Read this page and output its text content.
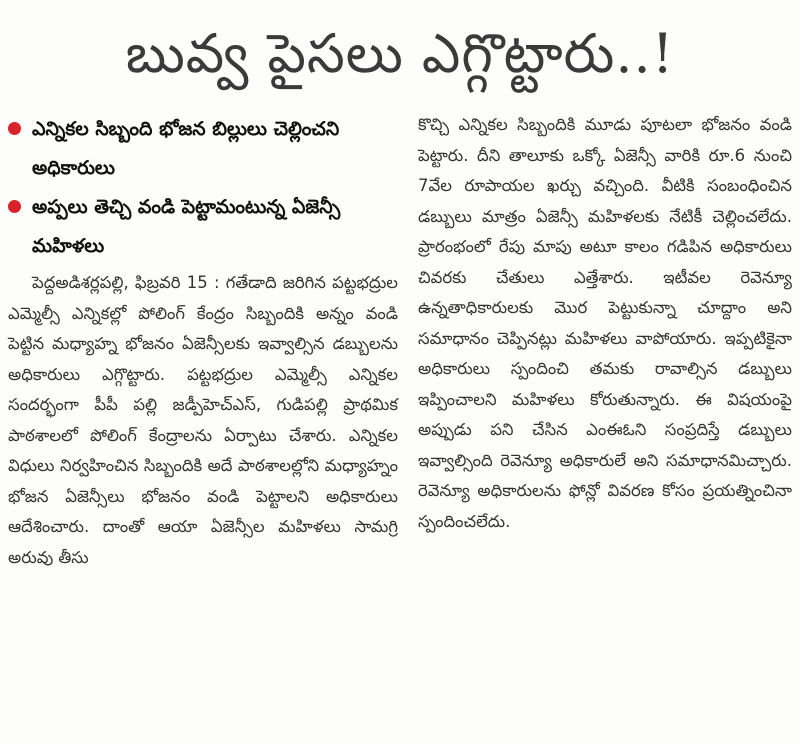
బువ్వ పైసలు ఎగ్గొట్టారు..!
ఎన్నికల సిబ్బంది భోజన బిల్లులు చెల్లించని అధికారులు
అప్పలు తెచ్చి వండి పెట్టామంటున్న ఏజెన్సీ మహిళలు
పెద్దఅడిశర్లపల్లి, ఫిబ్రవరి 15 : గతేడాది జరిగిన పట్టభద్రుల ఎమ్మెల్సీ ఎన్నికల్లో పోలింగ్ కేంద్రం సిబ్బందికి అన్నం వండి పెట్టిన మధ్యాహ్న భోజనం ఏజెన్సీలకు ఇవ్వాల్సిన డబ్బులను అధికారులు ఎగ్గొట్టారు. పట్టభద్రుల ఎమ్మెల్సీ ఎన్నికల సందర్భంగా పీపీ పల్లి జడ్పీహెచ్ఎస్, గుడిపల్లి ప్రాథమిక పాఠశాలలో పోలింగ్ కేంద్రాలను ఏర్పాటు చేశారు. ఎన్నికల విధులు నిర్వహించిన సిబ్బందికి అదే పాఠశాలల్లోని మధ్యాహ్నం భోజన ఏజెన్సీలు భోజనం వండి పెట్టాలని అధికారులు ఆదేశించారు. దాంతో ఆయా ఏజెన్సీల మహిళలు సామగ్రి అరువు తీసు
కొచ్చి ఎన్నికల సిబ్బందికి మూడు పూటలా భోజనం వండి పెట్టారు. దీని తాలూకు ఒక్కో ఏజెన్సీ వారికి రూ.6 నుంచి 7వేల రూపాయల ఖర్చు వచ్చింది. వీటికి సంబంధించిన డబ్బులు మాత్రం ఏజెన్సీ మహిళలకు నేటికీ చెల్లించలేదు. ప్రారంభంలో రేపు మాపు అటూ కాలం గడిపిన అధికారులు చివరకు చేతులు ఎత్తేశారు. ఇటీవల రెవెన్యూ ఉన్నతాధికారులకు మొర పెట్టుకున్నా చూద్దాం అని సమాధానం చెప్పినట్లు మహిళలు వాపోయారు. ఇప్పటికైనా అధికారులు స్పందించి తమకు రావాల్సిన డబ్బులు ఇప్పించాలని మహిళలు కోరుతున్నారు. ఈ విషయంపై అప్పుడు పని చేసిన ఎంఈఓని సంప్రదిస్తే డబ్బులు ఇవ్వాల్సింది రెవెన్యూ అధికారులే అని సమాధానమిచ్చారు. రెవెన్యూ అధికారులను ఫోన్లో వివరణ కోసం ప్రయత్నించినా స్పందించలేదు.
